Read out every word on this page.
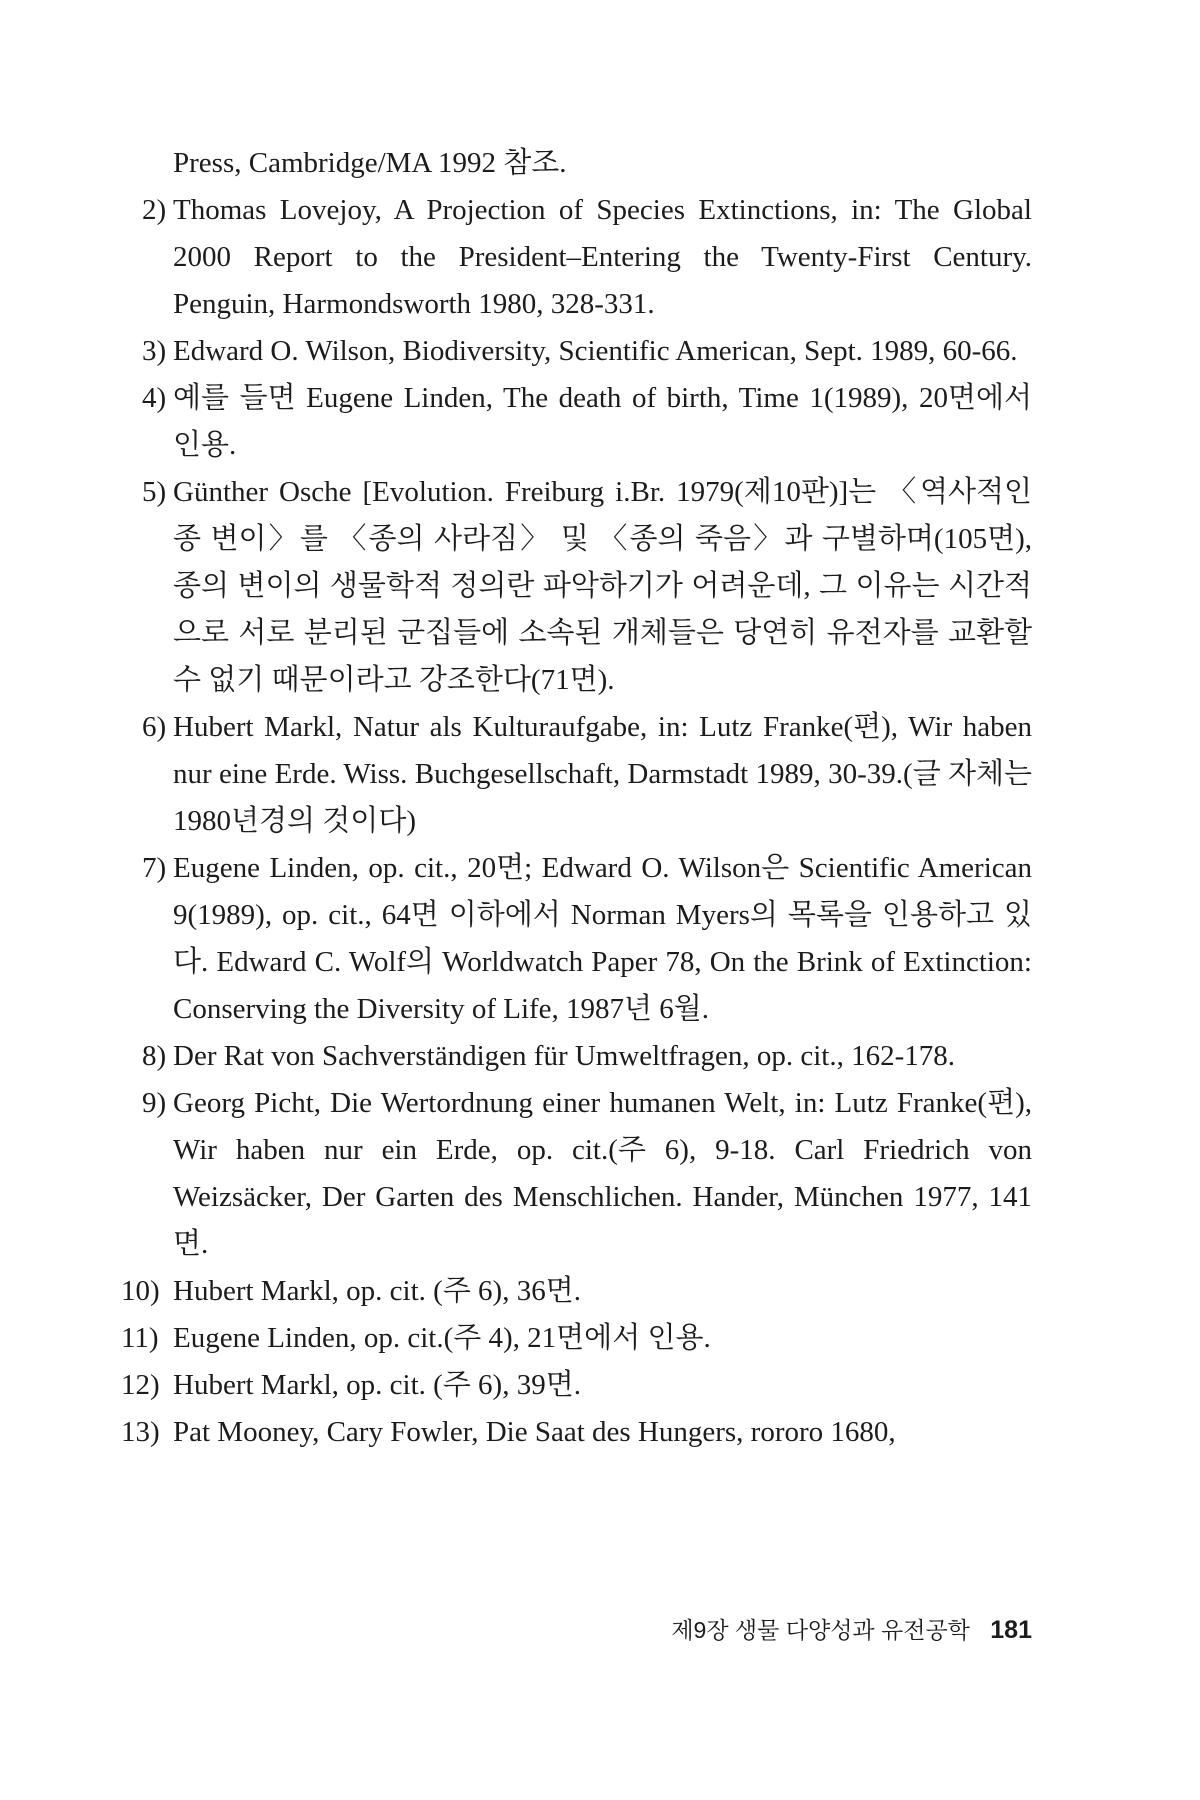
Press, Cambridge/MA 1992 참조.
2) Thomas Lovejoy, A Projection of Species Extinctions, in: The Global 2000 Report to the President–Entering the Twenty-First Century. Penguin, Harmondsworth 1980, 328-331.
3) Edward O. Wilson, Biodiversity, Scientific American, Sept. 1989, 60-66.
4) 예를 들면 Eugene Linden, The death of birth, Time 1(1989), 20면에서 인용.
5) Günther Osche [Evolution. Freiburg i.Br. 1979(제10판)]는 〈역사적인 종 변이〉를 〈종의 사라짐〉 및 〈종의 죽음〉과 구별하며(105면), 종의 변이의 생물학적 정의란 파악하기가 어려운데, 그 이유는 시간적으로 서로 분리된 군집들에 소속된 개체들은 당연히 유전자를 교환할 수 없기 때문이라고 강조한다(71면).
6) Hubert Markl, Natur als Kulturaufgabe, in: Lutz Franke(편), Wir haben nur eine Erde. Wiss. Buchgesellschaft, Darmstadt 1989, 30-39.(글 자체는 1980년경의 것이다)
7) Eugene Linden, op. cit., 20면; Edward O. Wilson은 Scientific American 9(1989), op. cit., 64면 이하에서 Norman Myers의 목록을 인용하고 있다. Edward C. Wolf의 Worldwatch Paper 78, On the Brink of Extinction: Conserving the Diversity of Life, 1987년 6월.
8) Der Rat von Sachverständigen für Umweltfragen, op. cit., 162-178.
9) Georg Picht, Die Wertordnung einer humanen Welt, in: Lutz Franke(편), Wir haben nur ein Erde, op. cit.(주 6), 9-18. Carl Friedrich von Weizsäcker, Der Garten des Menschlichen. Hander, München 1977, 141면.
10) Hubert Markl, op. cit. (주 6), 36면.
11) Eugene Linden, op. cit.(주 4), 21면에서 인용.
12) Hubert Markl, op. cit. (주 6), 39면.
13) Pat Mooney, Cary Fowler, Die Saat des Hungers, rororo 1680,
제9장 생물 다양성과 유전공학 181
